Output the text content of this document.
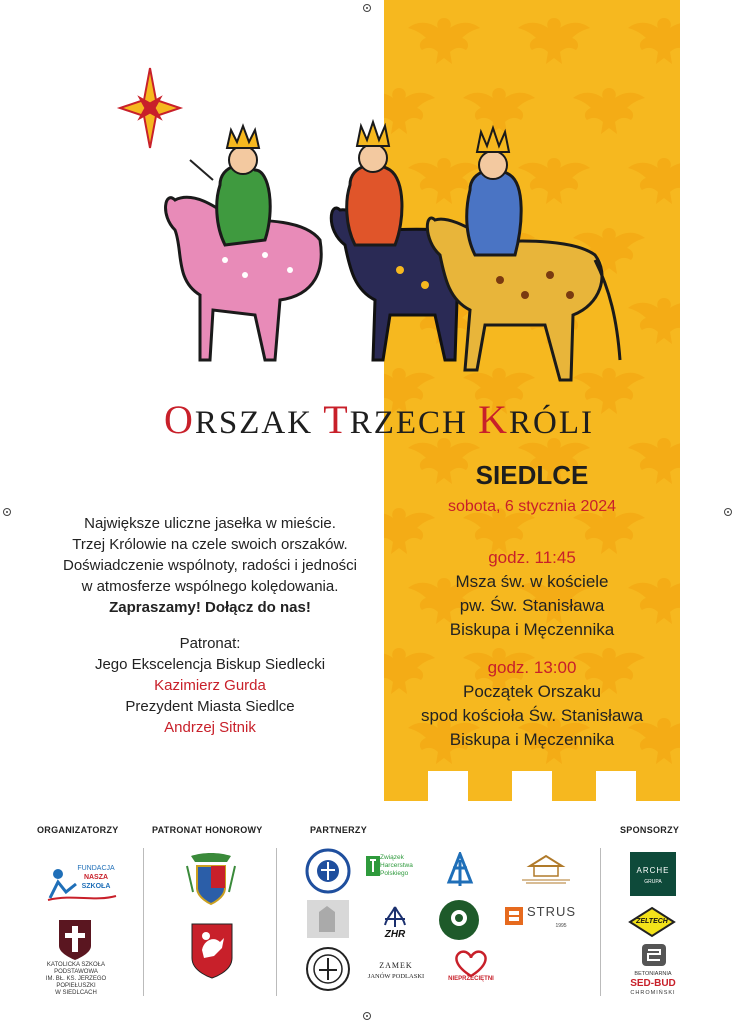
ORSZAK TRZECH KRÓLI
SIEDLCE
sobota, 6 stycznia 2024
godz. 11:45
Msza św. w kościele
pw. Św. Stanisława
Biskupa i Męczennika
godz. 13:00
Początek Orszaku
spod kościoła Św. Stanisława
Biskupa i Męczennika
Największe uliczne jasełka w mieście.
Trzej Królowie na czele swoich orszaków.
Doświadczenie wspólnoty, radości i jedności
w atmosferze wspólnego kolędowania.
Zapraszamy! Dołącz do nas!
Patronat:
Jego Ekscelencja Biskup Siedlecki
Kazimierz Gurda
Prezydent Miasta Siedlce
Andrzej Sitnik
ORGANIZATORZY	PATRONAT HONOROWY	PARTNERZY	SPONSORZY
FUNDACJA
NASZA
SZKOŁA
KATOLICKA SZKOŁA PODSTAWOWA
IM. BŁ. KS. JERZEGO POPIEŁUSZKI
W SIEDLCACH
Związek
Harcerstwa
Polskiego
ZHR
ZAMEK
JANÓW PODLASKI	NIEPRZECIĘTNI
STRUS
1995
ARCHE
GRUPA
ZELTECH
BETONIARNIA
SED-BUD
CHROMIŃSKI
